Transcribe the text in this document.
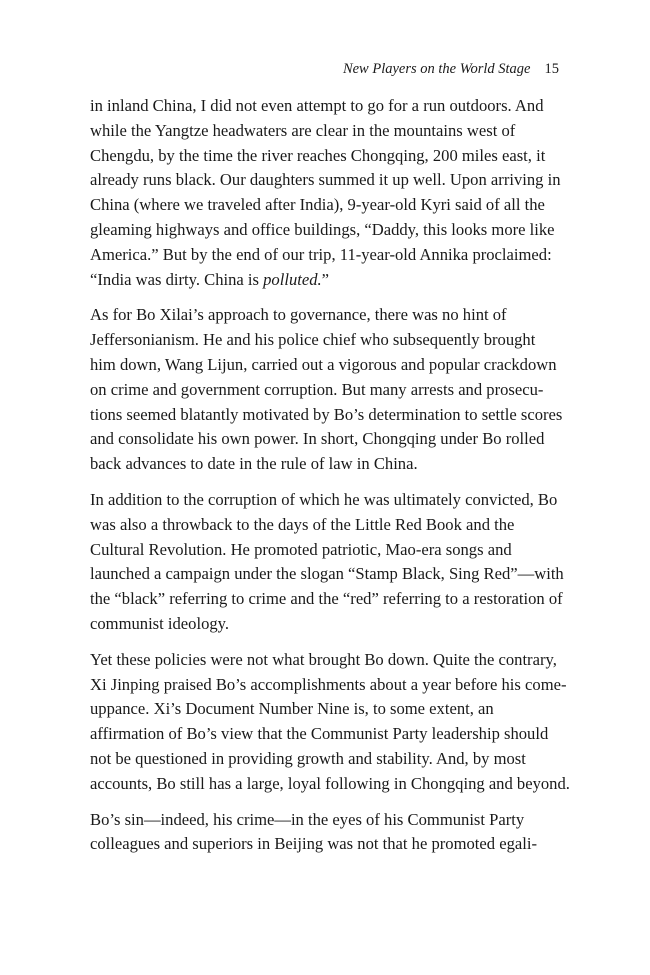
New Players on the World Stage 15

in inland China, I did not even attempt to go for a run outdoors. And
while the Yangtze headwaters are clear in the mountains west of
Chengdu, by the time the river reaches Chongqing, 200 miles east, it
already runs black. Our daughters summed it up well. Upon arriving in
China (where we traveled after India), 9-year-old Kyri said of all the
gleaming highways and office buildings, “Daddy, this looks more like
America.” But by the end of our trip, 11-year-old Annika proclaimed:
“India was dirty. China is polluted.”

As for Bo Xilai’s approach to governance, there was no hint of
Jeffersonianism. He and his police chief who subsequently brought
him down, Wang Lijun, carried out a vigorous and popular crackdown
on crime and government corruption. But many arrests and prosecu-
tions seemed blatantly motivated by Bo’s determination to settle scores
and consolidate his own power. In short, Chongqing under Bo rolled
back advances to date in the rule of law in China.

In addition to the corruption of which he was ultimately convicted, Bo
was also a throwback to the days of the Little Red Book and the
Cultural Revolution. He promoted patriotic, Mao-era songs and
launched a campaign under the slogan “Stamp Black, Sing Red”—with
the “black” referring to crime and the “red” referring to a restoration of
communist ideology.

Yet these policies were not what brought Bo down. Quite the contrary,
Xi Jinping praised Bo’s accomplishments about a year before his come-
uppance. Xi’s Document Number Nine is, to some extent, an
affirmation of Bo’s view that the Communist Party leadership should
not be questioned in providing growth and stability. And, by most
accounts, Bo still has a large, loyal following in Chongqing and beyond.

Bo’s sin—indeed, his crime—in the eyes of his Communist Party
colleagues and superiors in Beijing was not that he promoted egali-
